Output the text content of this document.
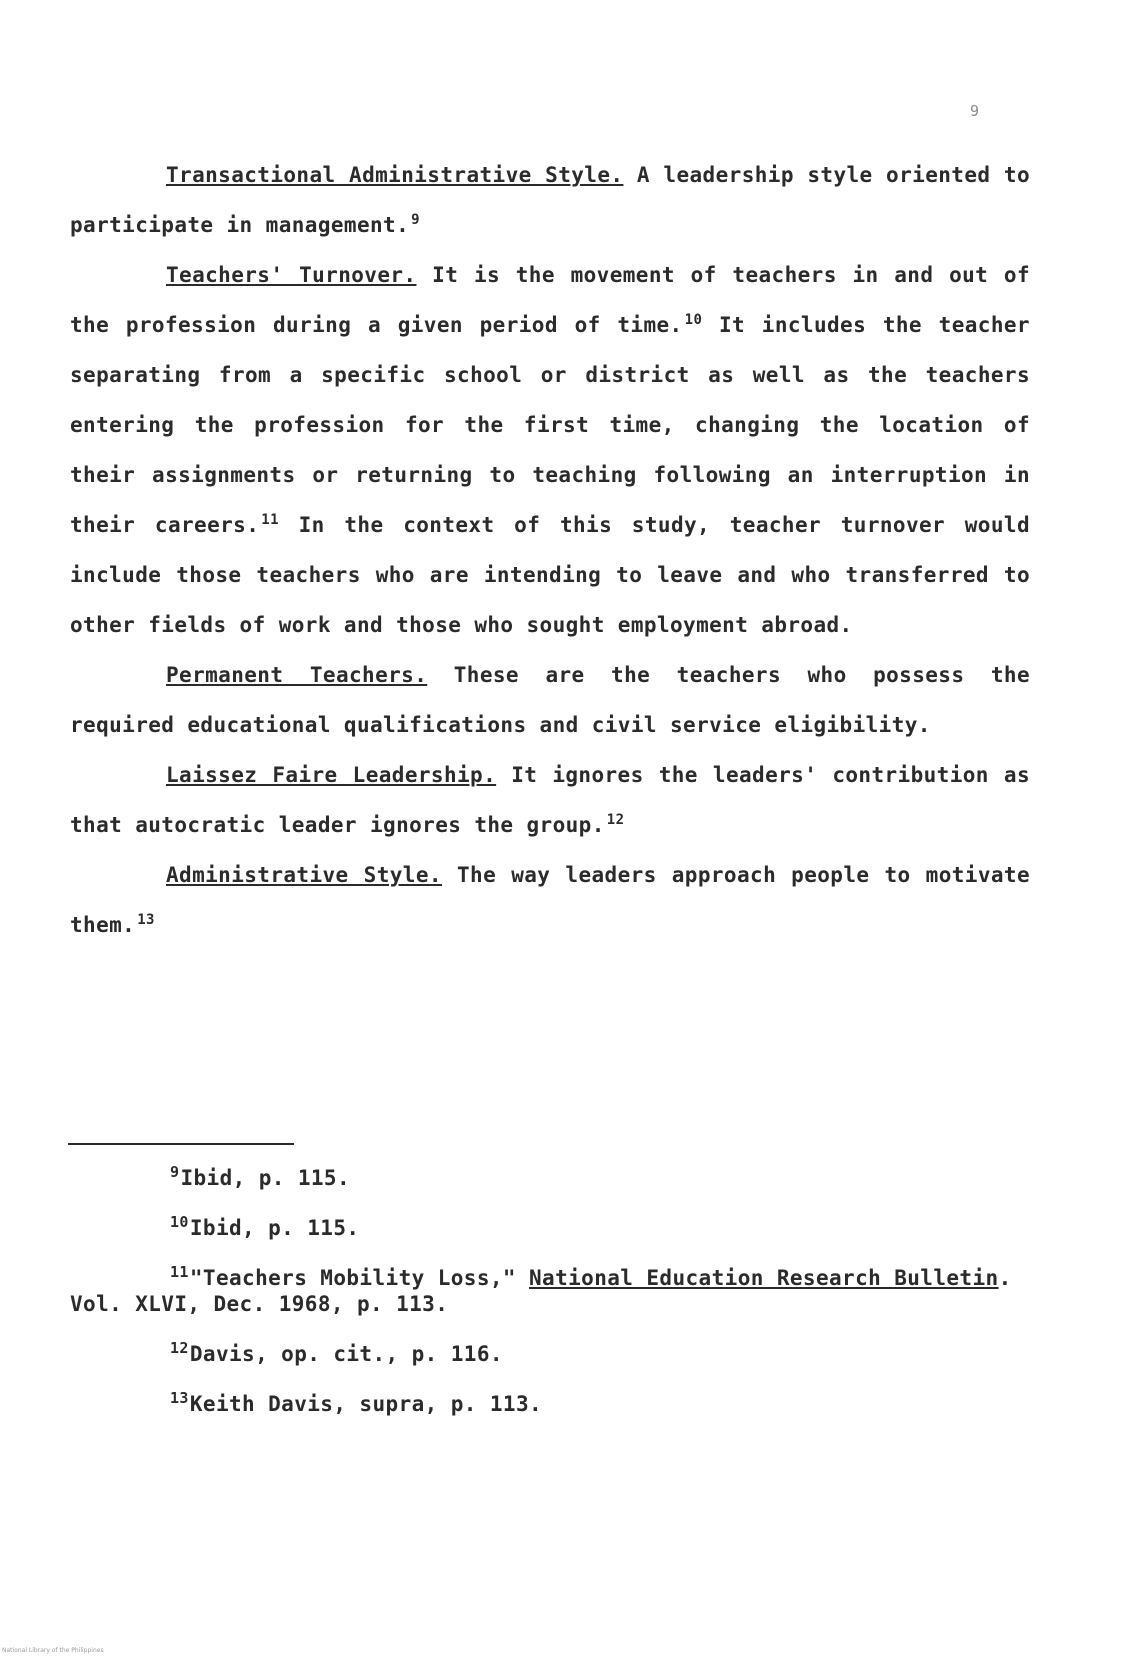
9

Transactional Administrative Style. A leadership style oriented to participate in management. $^9$

Teachers' Turnover. It is the movement of teachers in and out of the profession during a given period of time. $^{10}$ It includes the teacher separating from a specific school or district as well as the teachers entering the profession for the first time, changing the location of their assignments or returning to teaching following an interruption in their careers. $^{11}$ In the context of this study, teacher turnover would include those teachers who are intending to leave and who transferred to other fields of work and those who sought employment abroad.

Permanent Teachers. These are the teachers who possess the required educational qualifications and civil service eligibility.

Laissez Faire Leadership. It ignores the leaders' contribution as that autocratic leader ignores the group. $^{12}$

Administrative Style. The way leaders approach people to motivate them. $^{13}$

$^9$Ibid, p. 115.

$^{10}$Ibid, p. 115.

$^{11}$"Teachers Mobility Loss," National Education Research Bulletin. Vol. XLVI, Dec. 1968, p. 113.

$^{12}$Davis, op. cit., p. 116.

$^{13}$Keith Davis, supra, p. 113.

National Library of the Philippines
